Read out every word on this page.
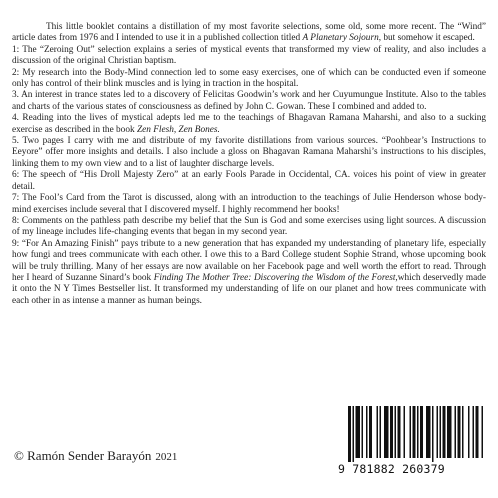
This little booklet contains a distillation of my most favorite selections, some old, some more recent. The “Wind” article dates from 1976 and I intended to use it in a published collection titled A Planetary Sojourn, but somehow it escaped.

1: The “Zeroing Out” selection explains a series of mystical events that transformed my view of reality, and also includes a discussion of the original Christian baptism.

2: My research into the Body-Mind connection led to some easy exercises, one of which can be conducted even if someone only has control of their blink muscles and is lying in traction in the hospital.

3. An interest in trance states led to a discovery of Felicitas Goodwin’s work and her Cuyumungue Institute. Also to the tables and charts of the various states of consciousness as defined by John C. Gowan. These I combined and added to.

4. Reading into the lives of mystical adepts led me to the teachings of Bhagavan Ramana Maharshi, and also to a sucking exercise as described in the book Zen Flesh, Zen Bones.

5. Two pages I carry with me and distribute of my favorite distillations from various sources. “Poohbear’s Instructions to Eeyore” offer more insights and details. I also include a gloss on Bhagavan Ramana Maharshi’s instructions to his disciples, linking them to my own view and to a list of laughter discharge levels.

6: The speech of “His Droll Majesty Zero” at an early Fools Parade in Occidental, CA. voices his point of view in greater detail.

7: The Fool’s Card from the Tarot is discussed, along with an introduction to the teachings of Julie Henderson whose body-mind exercises include several that I discovered myself. I highly recommend her books!

8: Comments on the pathless path describe my belief that the Sun is God and some exercises using light sources. A discussion of my lineage includes life-changing events that began in my second year.

9: “For An Amazing Finish” pays tribute to a new generation that has expanded my understanding of planetary life, especially how fungi and trees communicate with each other. I owe this to a Bard College student Sophie Strand, whose upcoming book will be truly thrilling. Many of her essays are now available on her Facebook page and well worth the effort to read. Through her I heard of Suzanne Sinard’s book Finding The Mother Tree: Discovering the Wisdom of the Forest,which deservedly made it onto the N Y Times Bestseller list. It transformed my understanding of life on our planet and how trees communicate with each other in as intense a manner as human beings.

© Ramón Sender Barayón 2021
9 781882 260379
